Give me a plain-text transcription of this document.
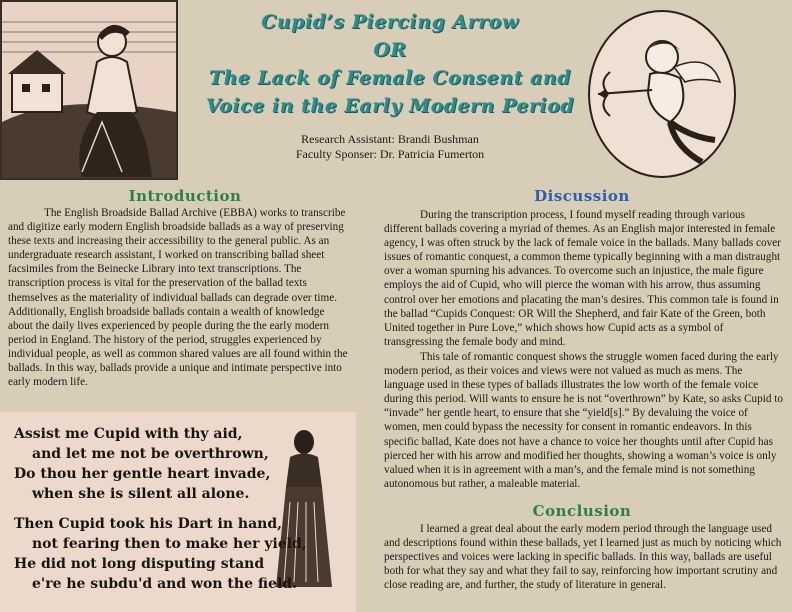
Cupid’s Piercing Arrow
OR
The Lack of Female Consent and
Voice in the Early Modern Period
Research Assistant: Brandi Bushman
Faculty Sponser: Dr. Patricia Fumerton
Introduction

The English Broadside Ballad Archive (EBBA) works to transcribe and digitize early modern English broadside ballads as a way of preserving these texts and increasing their accessibility to the general public. As an undergraduate research assistant, I worked on transcribing ballad sheet facsimiles from the Beinecke Library into text transcriptions. The transcription process is vital for the preservation of the ballad texts themselves as the materiality of individual ballads can degrade over time. Additionally, English broadside ballads contain a wealth of knowledge about the daily lives experienced by people during the the early modern period in England. The history of the period, struggles experienced by individual people, as well as common shared values are all found within the ballads. In this way, ballads provide a unique and intimate perspective into early modern life.

Assist me Cupid with thy aid,
and let me not be overthrown,
Do thou her gentle heart invade,
when she is silent all alone.
Then Cupid took his Dart in hand,
not fearing then to make her yield,
He did not long disputing stand
e're he subdu'd and won the field.
Discussion

During the transcription process, I found myself reading through various different ballads covering a myriad of themes. As an English major interested in female agency, I was often struck by the lack of female voice in the ballads. Many ballads cover issues of romantic conquest, a common theme typically beginning with a man distraught over a woman spurning his advances. To overcome such an injustice, the male figure employs the aid of Cupid, who will pierce the woman with his arrow, thus assuming control over her emotions and placating the man’s desires. This common tale is found in the ballad “Cupids Conquest: OR Will the Shepherd, and fair Kate of the Green, both United together in Pure Love,” which shows how Cupid acts as a symbol of transgressing the female body and mind.

This tale of romantic conquest shows the struggle women faced during the early modern period, as their voices and views were not valued as much as mens. The language used in these types of ballads illustrates the low worth of the female voice during this period. Will wants to ensure he is not “overthrown” by Kate, so asks Cupid to “invade” her gentle heart, to ensure that she “yield[s].” By devaluing the voice of women, men could bypass the necessity for consent in romantic endeavors. In this specific ballad, Kate does not have a chance to voice her thoughts until after Cupid has pierced her with his arrow and modified her thoughts, showing a woman’s voice is only valued when it is in agreement with a man’s, and the female mind is not something autonomous but rather, a maleable material.

Conclusion

I learned a great deal about the early modern period through the language used and descriptions found within these ballads, yet I learned just as much by noticing which perspectives and voices were lacking in specific ballads. In this way, ballads are useful both for what they say and what they fail to say, reinforcing how important scrutiny and close reading are, and further, the study of literature in general.
